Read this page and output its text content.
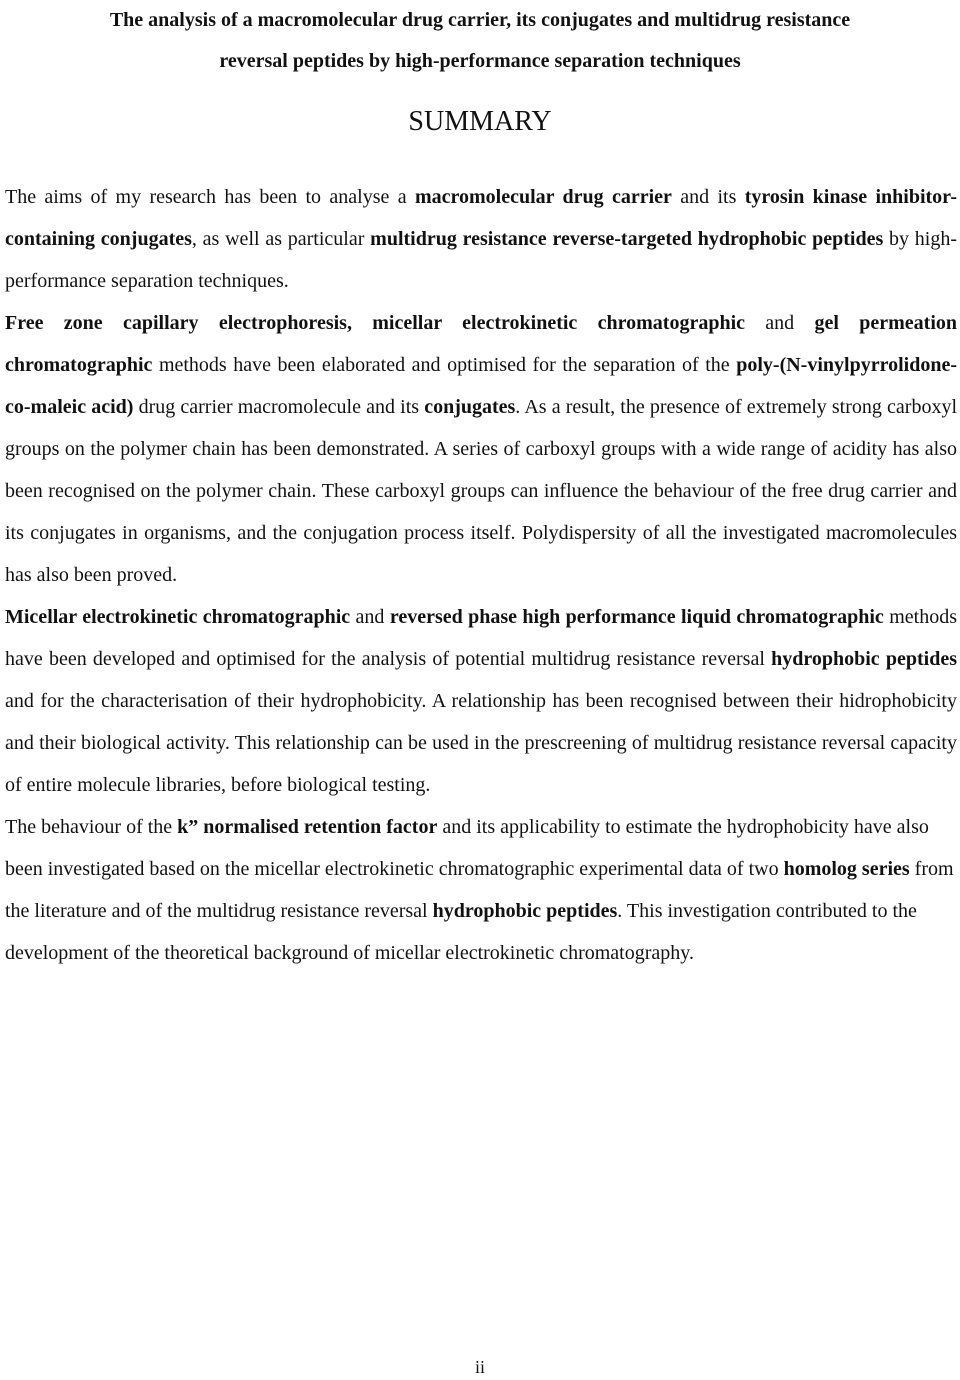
The analysis of a macromolecular drug carrier, its conjugates and multidrug resistance
reversal peptides by high-performance separation techniques
SUMMARY

The aims of my research has been to analyse a macromolecular drug carrier and its tyrosin kinase inhibitor-containing conjugates, as well as particular multidrug resistance reverse-targeted hydrophobic peptides by high-performance separation techniques.

Free zone capillary electrophoresis, micellar electrokinetic chromatographic and gel permeation chromatographic methods have been elaborated and optimised for the separation of the poly-(N-vinylpyrrolidone-co-maleic acid) drug carrier macromolecule and its conjugates. As a result, the presence of extremely strong carboxyl groups on the polymer chain has been demonstrated. A series of carboxyl groups with a wide range of acidity has also been recognised on the polymer chain. These carboxyl groups can influence the behaviour of the free drug carrier and its conjugates in organisms, and the conjugation process itself. Polydispersity of all the investigated macromolecules has also been proved.

Micellar electrokinetic chromatographic and reversed phase high performance liquid chromatographic methods have been developed and optimised for the analysis of potential multidrug resistance reversal hydrophobic peptides and for the characterisation of their hydrophobicity. A relationship has been recognised between their hidrophobicity and their biological activity. This relationship can be used in the prescreening of multidrug resistance reversal capacity of entire molecule libraries, before biological testing.

The behaviour of the k” normalised retention factor and its applicability to estimate the hydrophobicity have also been investigated based on the micellar electrokinetic chromatographic experimental data of two homolog series from the literature and of the multidrug resistance reversal hydrophobic peptides. This investigation contributed to the development of the theoretical background of micellar electrokinetic chromatography.

ii
